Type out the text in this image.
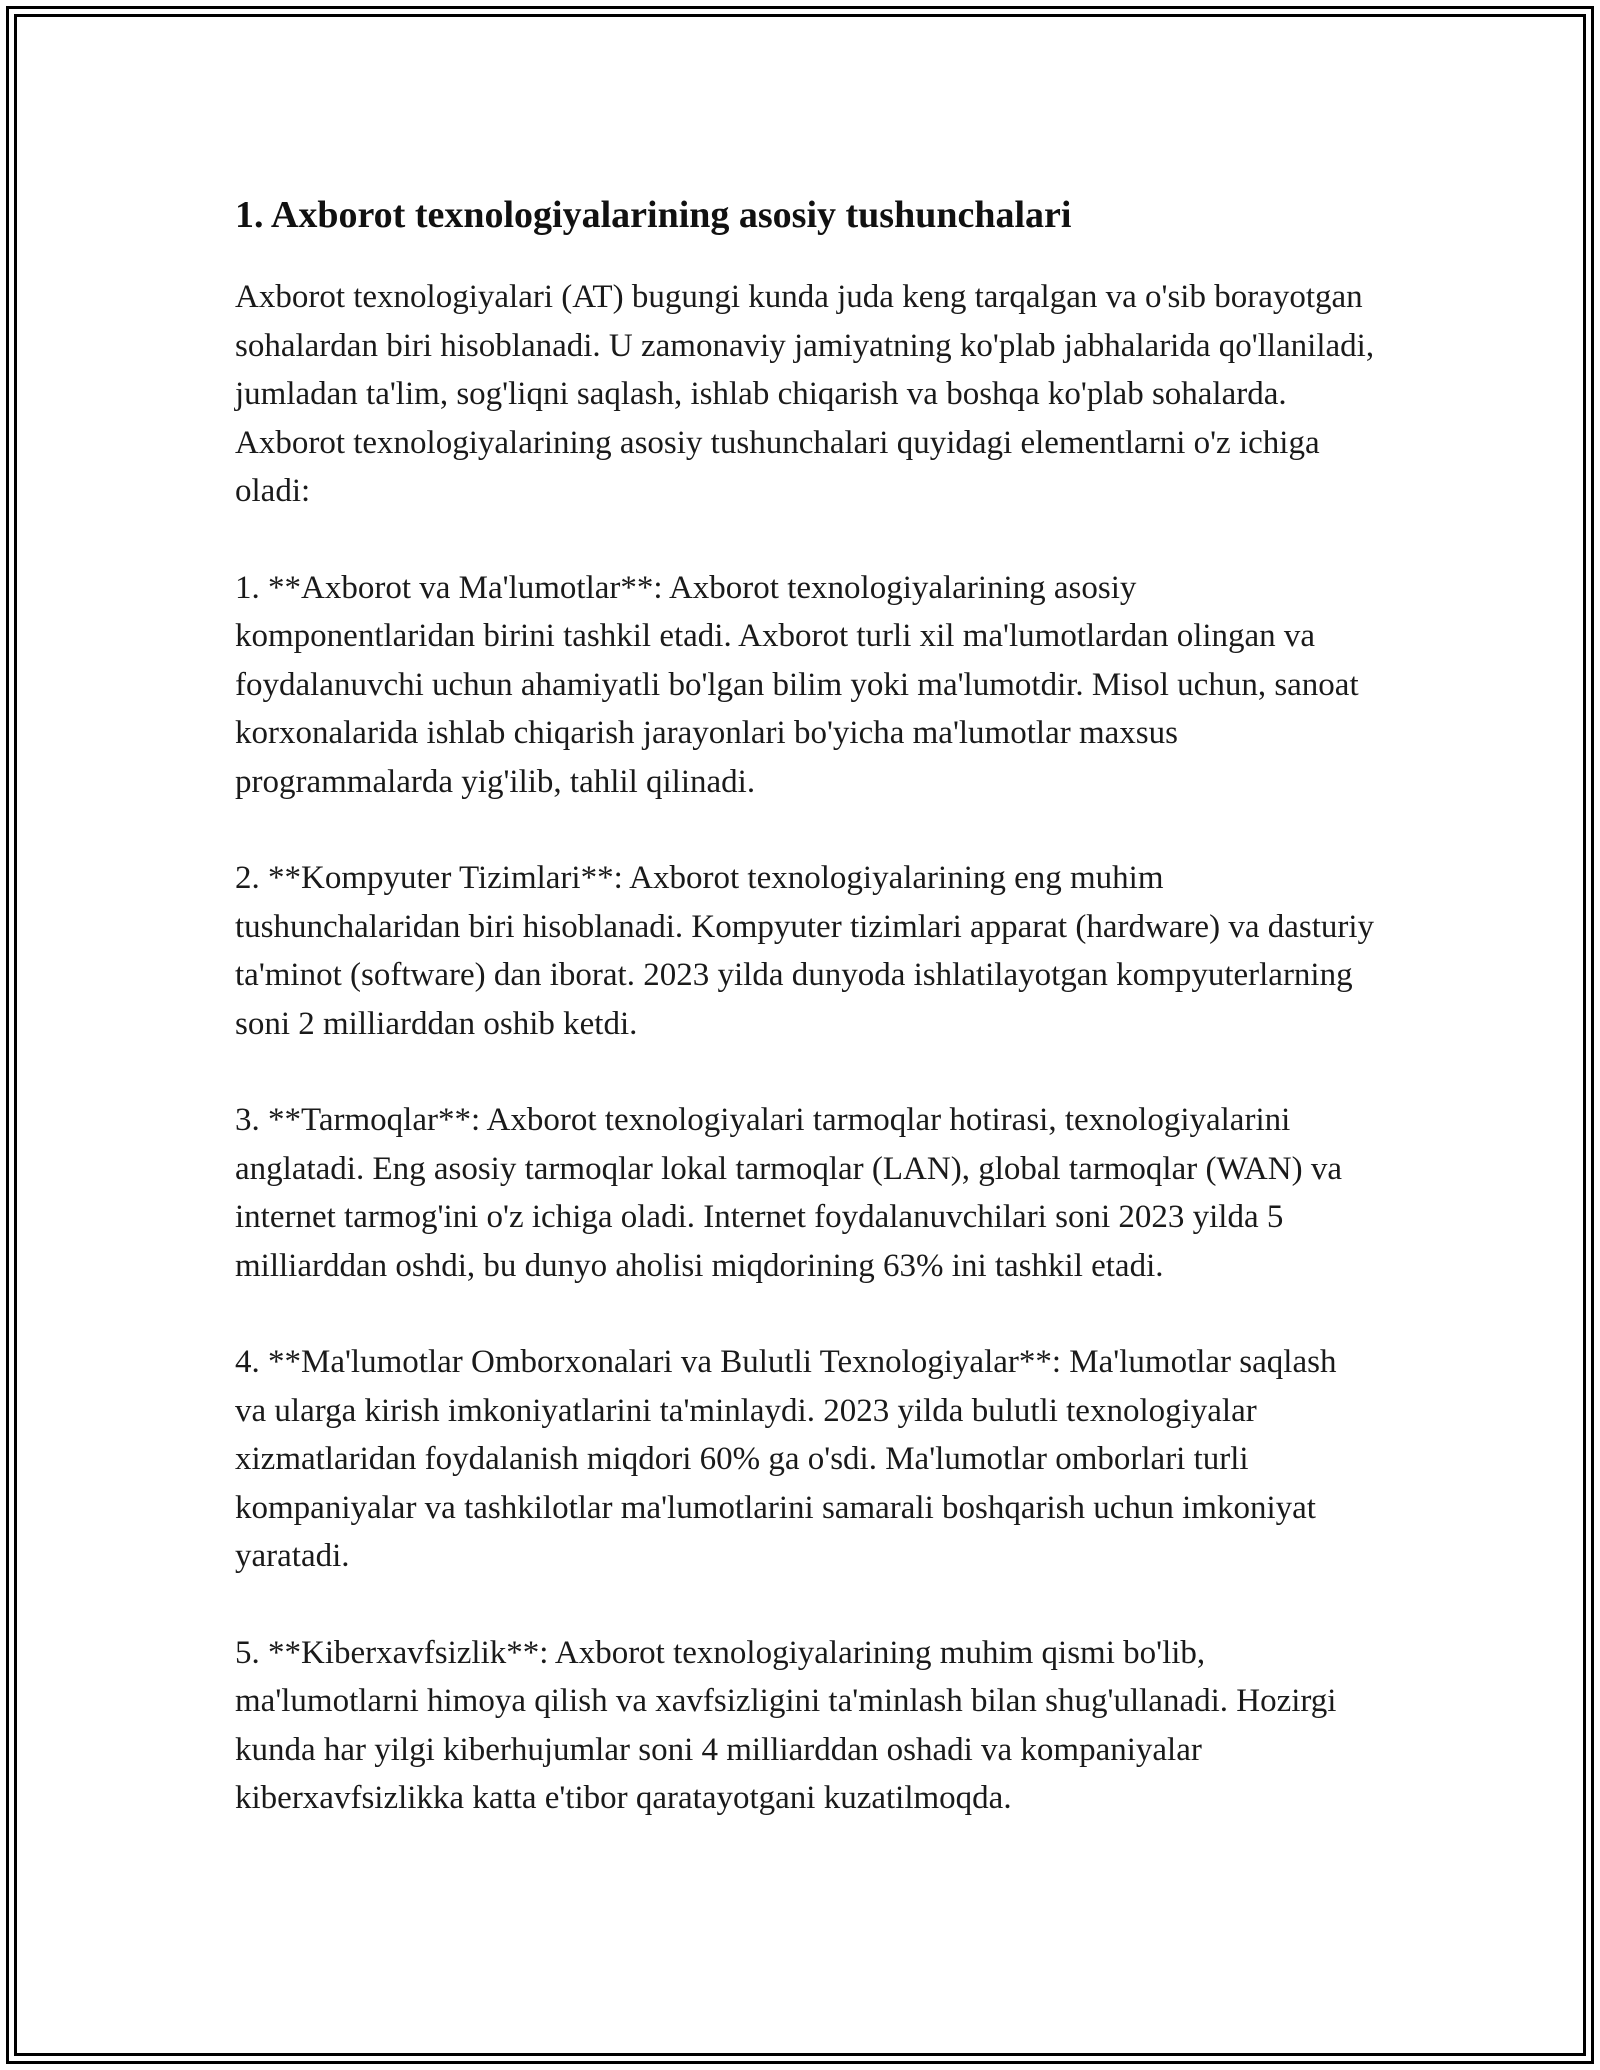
1. Axborot texnologiyalarining asosiy tushunchalari

Axborot texnologiyalari (AT) bugungi kunda juda keng tarqalgan va o'sib borayotgan sohalardan biri hisoblanadi. U zamonaviy jamiyatning ko'plab jabhalarida qo'llaniladi, jumladan ta'lim, sog'liqni saqlash, ishlab chiqarish va boshqa ko'plab sohalarda. Axborot texnologiyalarining asosiy tushunchalari quyidagi elementlarni o'z ichiga oladi:

1. **Axborot va Ma'lumotlar**: Axborot texnologiyalarining asosiy komponentlaridan birini tashkil etadi. Axborot turli xil ma'lumotlardan olingan va foydalanuvchi uchun ahamiyatli bo'lgan bilim yoki ma'lumotdir. Misol uchun, sanoat korxonalarida ishlab chiqarish jarayonlari bo'yicha ma'lumotlar maxsus programmalarda yig'ilib, tahlil qilinadi.

2. **Kompyuter Tizimlari**: Axborot texnologiyalarining eng muhim tushunchalaridan biri hisoblanadi. Kompyuter tizimlari apparat (hardware) va dasturiy ta'minot (software) dan iborat. 2023 yilda dunyoda ishlatilayotgan kompyuterlarning soni 2 milliarddan oshib ketdi.

3. **Tarmoqlar**: Axborot texnologiyalari tarmoqlar hotirasi, texnologiyalarini anglatadi. Eng asosiy tarmoqlar lokal tarmoqlar (LAN), global tarmoqlar (WAN) va internet tarmog'ini o'z ichiga oladi. Internet foydalanuvchilari soni 2023 yilda 5 milliarddan oshdi, bu dunyo aholisi miqdorining 63% ini tashkil etadi.

4. **Ma'lumotlar Omborxonalari va Bulutli Texnologiyalar**: Ma'lumotlar saqlash va ularga kirish imkoniyatlarini ta'minlaydi. 2023 yilda bulutli texnologiyalar xizmatlaridan foydalanish miqdori 60% ga o'sdi. Ma'lumotlar omborlari turli kompaniyalar va tashkilotlar ma'lumotlarini samarali boshqarish uchun imkoniyat yaratadi.

5. **Kiberxavfsizlik**: Axborot texnologiyalarining muhim qismi bo'lib, ma'lumotlarni himoya qilish va xavfsizligini ta'minlash bilan shug'ullanadi. Hozirgi kunda har yilgi kiberhujumlar soni 4 milliarddan oshadi va kompaniyalar kiberxavfsizlikka katta e'tibor qaratayotgani kuzatilmoqda.
